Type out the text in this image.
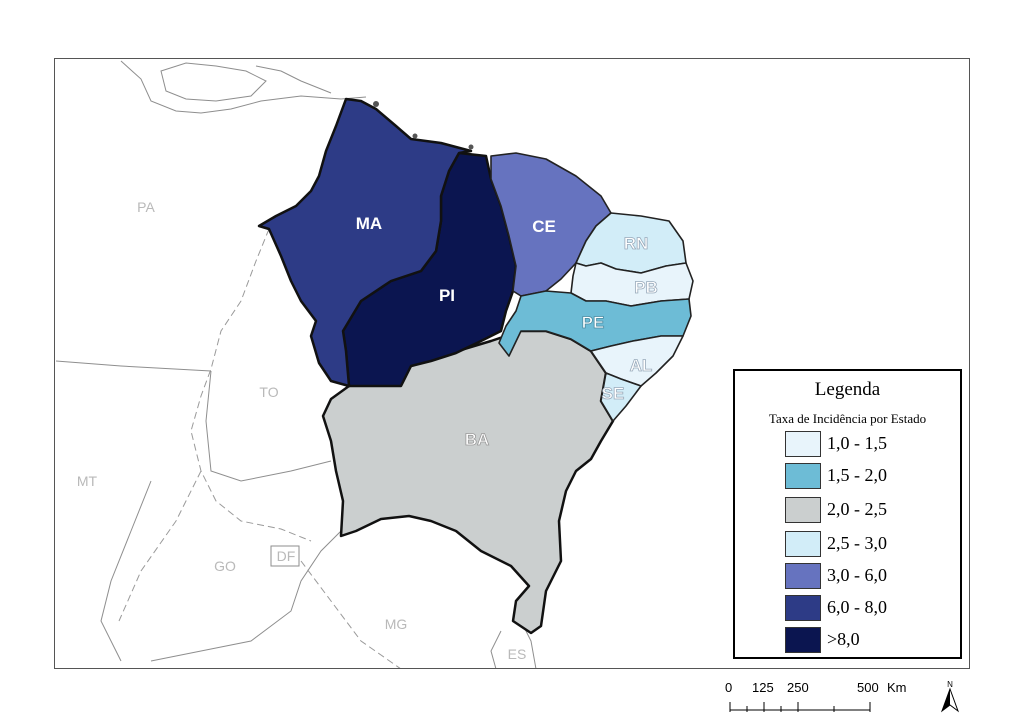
MA
PI
CE
RN
PB
PE
AL
SE
BA
PA
TO
MT
GO
DF
MG
ES
Legenda
Taxa de Incidência por Estado
1,0 - 1,5
1,5 - 2,0
2,0 - 2,5
2,5 - 3,0
3,0 - 6,0
6,0 - 8,0
>8,0
0 125 250	500 Km	N
